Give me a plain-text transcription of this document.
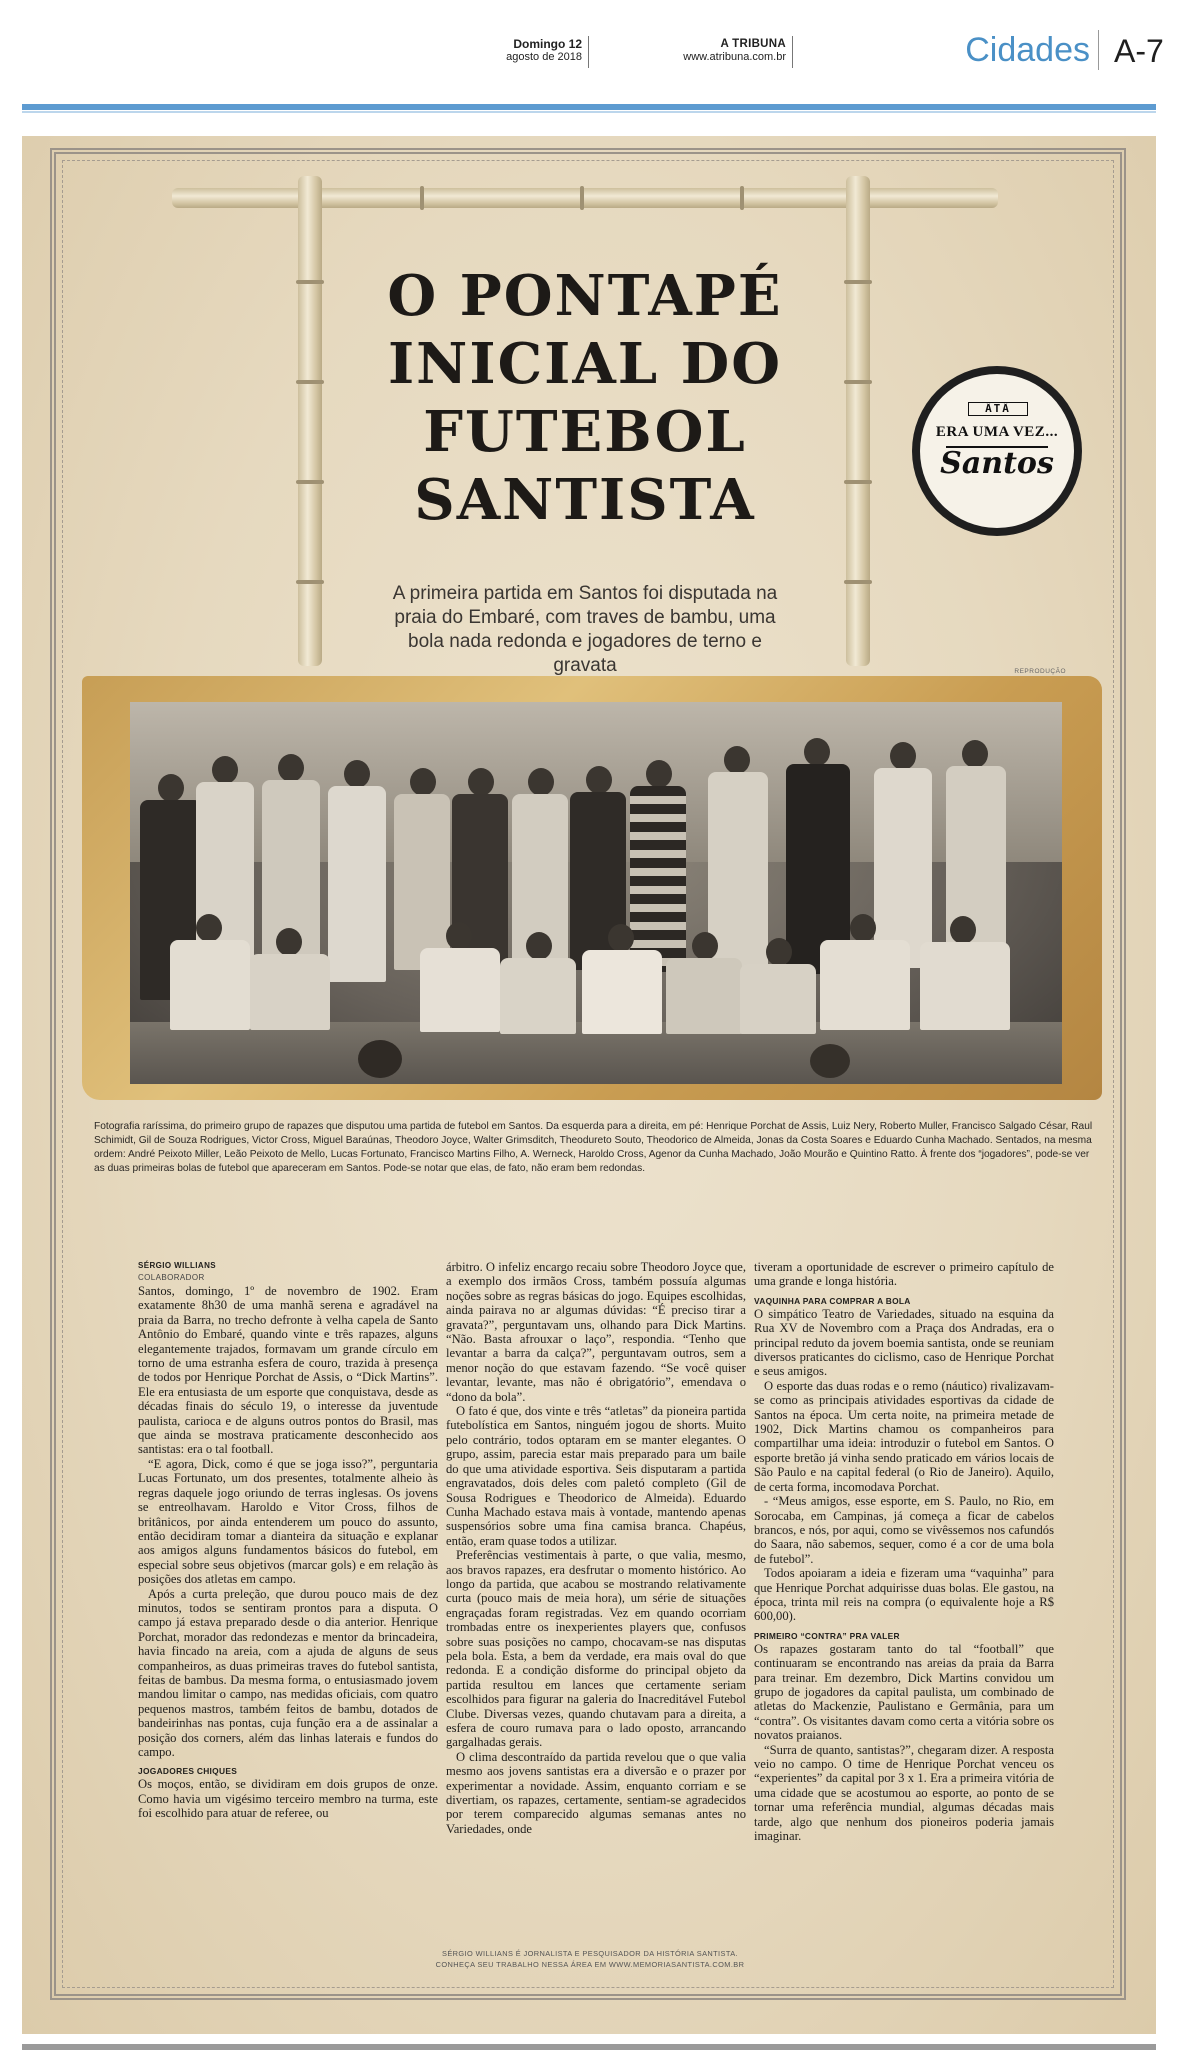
Domingo 12
agosto de 2018
A TRIBUNA
www.atribuna.com.br	Cidades A-7
O PONTAPÉ
INICIAL DO
FUTEBOL
SANTISTA
A primeira partida em Santos foi disputada na praia do Embaré, com traves de bambu, uma bola nada redonda e jogadores de terno e gravata
ÄTÄ
ERA UMA VEZ...
Santos
REPRODUÇÃO
Fotografia raríssima, do primeiro grupo de rapazes que disputou uma partida de futebol em Santos. Da esquerda para a direita, em pé: Henrique Porchat de Assis, Luiz Nery, Roberto Muller, Francisco Salgado César, Raul Schimidt, Gil de Souza Rodrigues, Victor Cross, Miguel Baraúnas, Theodoro Joyce, Walter Grimsditch, Theodureto Souto, Theodorico de Almeida, Jonas da Costa Soares e Eduardo Cunha Machado. Sentados, na mesma ordem: André Peixoto Miller, Leão Peixoto de Mello, Lucas Fortunato, Francisco Martins Filho, A. Werneck, Haroldo Cross, Agenor da Cunha Machado, João Mourão e Quintino Ratto. À frente dos “jogadores”, pode-se ver as duas primeiras bolas de futebol que apareceram em Santos. Pode-se notar que elas, de fato, não eram bem redondas.

SÉRGIO WILLIANS

COLABORADOR

Santos, domingo, 1º de novembro de 1902. Eram exatamente 8h30 de uma manhã serena e agradável na praia da Barra, no trecho defronte à velha capela de Santo Antônio do Embaré, quando vinte e três rapazes, alguns elegantemente trajados, formavam um grande círculo em torno de uma estranha esfera de couro, trazida à presença de todos por Henrique Porchat de Assis, o “Dick Martins”. Ele era entusiasta de um esporte que conquistava, desde as décadas finais do século 19, o interesse da juventude paulista, carioca e de alguns outros pontos do Brasil, mas que ainda se mostrava praticamente desconhecido aos santistas: era o tal football.

“E agora, Dick, como é que se joga isso?”, perguntaria Lucas Fortunato, um dos presentes, totalmente alheio às regras daquele jogo oriundo de terras inglesas. Os jovens se entreolhavam. Haroldo e Vitor Cross, filhos de britânicos, por ainda entenderem um pouco do assunto, então decidiram tomar a dianteira da situação e explanar aos amigos alguns fundamentos básicos do futebol, em especial sobre seus objetivos (marcar gols) e em relação às posições dos atletas em campo.

Após a curta preleção, que durou pouco mais de dez minutos, todos se sentiram prontos para a disputa. O campo já estava preparado desde o dia anterior. Henrique Porchat, morador das redondezas e mentor da brincadeira, havia fincado na areia, com a ajuda de alguns de seus companheiros, as duas primeiras traves do futebol santista, feitas de bambus. Da mesma forma, o entusiasmado jovem mandou limitar o campo, nas medidas oficiais, com quatro pequenos mastros, também feitos de bambu, dotados de bandeirinhas nas pontas, cuja função era a de assinalar a posição dos corners, além das linhas laterais e fundos do campo.

JOGADORES CHIQUES

Os moços, então, se dividiram em dois grupos de onze. Como havia um vigésimo terceiro membro na turma, este foi escolhido para atuar de referee, ou

árbitro. O infeliz encargo recaiu sobre Theodoro Joyce que, a exemplo dos irmãos Cross, também possuía algumas noções sobre as regras básicas do jogo. Equipes escolhidas, ainda pairava no ar algumas dúvidas: “É preciso tirar a gravata?”, perguntavam uns, olhando para Dick Martins. “Não. Basta afrouxar o laço”, respondia. “Tenho que levantar a barra da calça?”, perguntavam outros, sem a menor noção do que estavam fazendo. “Se você quiser levantar, levante, mas não é obrigatório”, emendava o “dono da bola”.

O fato é que, dos vinte e três “atletas” da pioneira partida futebolística em Santos, ninguém jogou de shorts. Muito pelo contrário, todos optaram em se manter elegantes. O grupo, assim, parecia estar mais preparado para um baile do que uma atividade esportiva. Seis disputaram a partida engravatados, dois deles com paletó completo (Gil de Sousa Rodrigues e Theodorico de Almeida). Eduardo Cunha Machado estava mais à vontade, mantendo apenas suspensórios sobre uma fina camisa branca. Chapéus, então, eram quase todos a utilizar.

Preferências vestimentais à parte, o que valia, mesmo, aos bravos rapazes, era desfrutar o momento histórico. Ao longo da partida, que acabou se mostrando relativamente curta (pouco mais de meia hora), um série de situações engraçadas foram registradas. Vez em quando ocorriam trombadas entre os inexperientes players que, confusos sobre suas posições no campo, chocavam-se nas disputas pela bola. Esta, a bem da verdade, era mais oval do que redonda. E a condição disforme do principal objeto da partida resultou em lances que certamente seriam escolhidos para figurar na galeria do Inacreditável Futebol Clube. Diversas vezes, quando chutavam para a direita, a esfera de couro rumava para o lado oposto, arrancando gargalhadas gerais.

O clima descontraído da partida revelou que o que valia mesmo aos jovens santistas era a diversão e o prazer por experimentar a novidade. Assim, enquanto corriam e se divertiam, os rapazes, certamente, sentiam-se agradecidos por terem comparecido algumas semanas antes no Variedades, onde

tiveram a oportunidade de escrever o primeiro capítulo de uma grande e longa história.

VAQUINHA PARA COMPRAR A BOLA

O simpático Teatro de Variedades, situado na esquina da Rua XV de Novembro com a Praça dos Andradas, era o principal reduto da jovem boemia santista, onde se reuniam diversos praticantes do ciclismo, caso de Henrique Porchat e seus amigos.

O esporte das duas rodas e o remo (náutico) rivalizavam-se como as principais atividades esportivas da cidade de Santos na época. Um certa noite, na primeira metade de 1902, Dick Martins chamou os companheiros para compartilhar uma ideia: introduzir o futebol em Santos. O esporte bretão já vinha sendo praticado em vários locais de São Paulo e na capital federal (o Rio de Janeiro). Aquilo, de certa forma, incomodava Porchat.

- “Meus amigos, esse esporte, em S. Paulo, no Rio, em Sorocaba, em Campinas, já começa a ficar de cabelos brancos, e nós, por aqui, como se vivêssemos nos cafundós do Saara, não sabemos, sequer, como é a cor de uma bola de futebol”.

Todos apoiaram a ideia e fizeram uma “vaquinha” para que Henrique Porchat adquirisse duas bolas. Ele gastou, na época, trinta mil reis na compra (o equivalente hoje a R$ 600,00).

PRIMEIRO “CONTRA” PRA VALER

Os rapazes gostaram tanto do tal “football” que continuaram se encontrando nas areias da praia da Barra para treinar. Em dezembro, Dick Martins convidou um grupo de jogadores da capital paulista, um combinado de atletas do Mackenzie, Paulistano e Germânia, para um “contra”. Os visitantes davam como certa a vitória sobre os novatos praianos.

“Surra de quanto, santistas?”, chegaram dizer. A resposta veio no campo. O time de Henrique Porchat venceu os “experientes” da capital por 3 x 1. Era a primeira vitória de uma cidade que se acostumou ao esporte, ao ponto de se tornar uma referência mundial, algumas décadas mais tarde, algo que nenhum dos pioneiros poderia jamais imaginar.

SÉRGIO WILLIANS É JORNALISTA E PESQUISADOR DA HISTÓRIA SANTISTA.
CONHEÇA SEU TRABALHO NESSA ÁREA EM WWW.MEMORIASANTISTA.COM.BR
